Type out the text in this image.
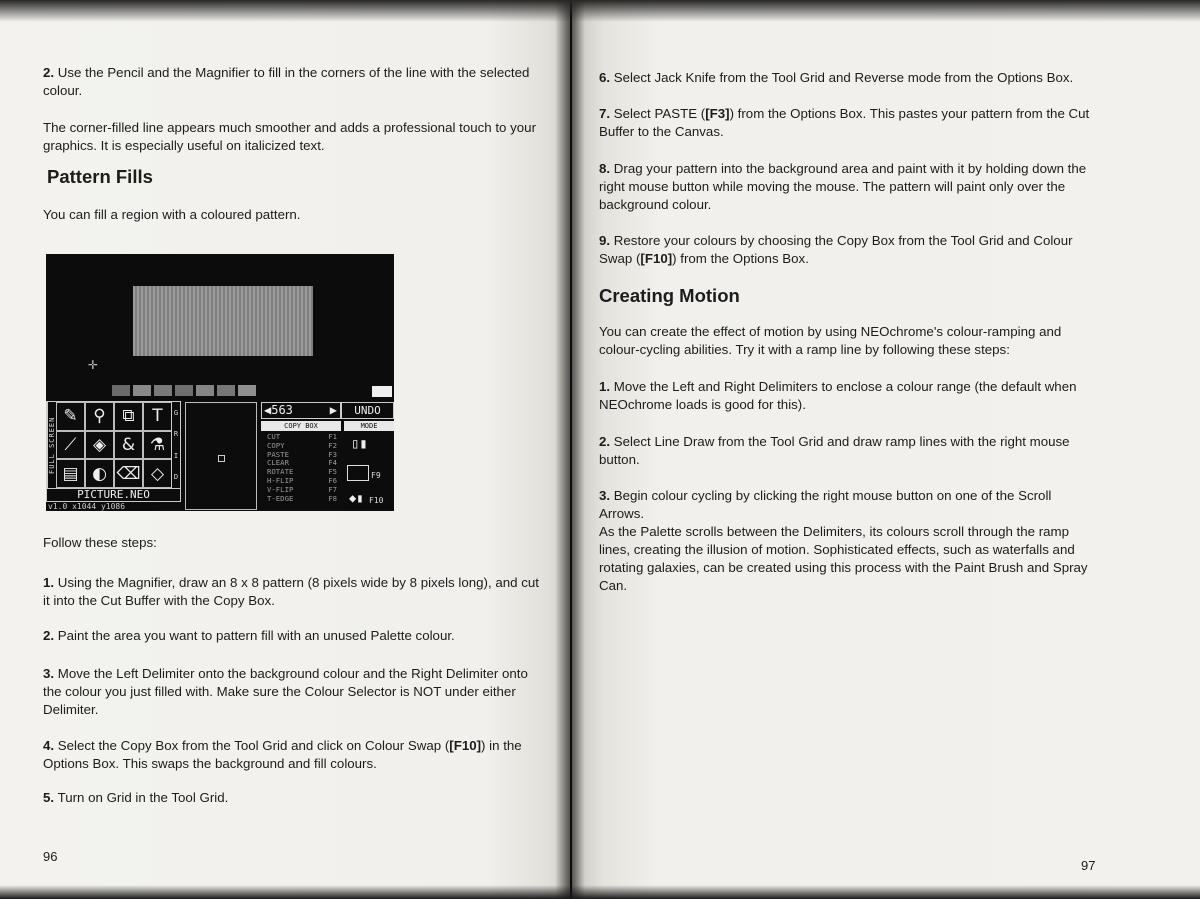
2. Use the Pencil and the Magnifier to fill in the corners of the line with the selected colour.

The corner-filled line appears much smoother and adds a professional touch to your graphics. It is especially useful on italicized text.

Pattern Fills

You can fill a region with a coloured pattern.

✛
FULL SCREEN ✎ ⚲ ⧉	T
⟋ ◈ & ⚗
▤ ◐ ⌫ ◇
G
R
I
D
PICTURE.NEO
v1.0 x1044 y1086
◀563	▶	UNDO
COPY BOX	MODE
CUT	F1
COPY	F2
PASTE	F3
CLEAR	F4
ROTATE	F5
H-FLIP	F6
V-FLIP	F7
T-EDGE	F8
▯▮
F9
◆▮ F10

Follow these steps:

1. Using the Magnifier, draw an 8 x 8 pattern (8 pixels wide by 8 pixels long), and cut it into the Cut Buffer with the Copy Box.

2. Paint the area you want to pattern fill with an unused Palette colour.

3. Move the Left Delimiter onto the background colour and the Right Delimiter onto the colour you just filled with. Make sure the Colour Selector is NOT under either Delimiter.

4. Select the Copy Box from the Tool Grid and click on Colour Swap ([F10]) in the Options Box. This swaps the background and fill colours.

5. Turn on Grid in the Tool Grid.

96

6. Select Jack Knife from the Tool Grid and Reverse mode from the Options Box.

7. Select PASTE ([F3]) from the Options Box. This pastes your pattern from the Cut Buffer to the Canvas.

8. Drag your pattern into the background area and paint with it by holding down the right mouse button while moving the mouse. The pattern will paint only over the background colour.

9. Restore your colours by choosing the Copy Box from the Tool Grid and Colour Swap ([F10]) from the Options Box.

Creating Motion

You can create the effect of motion by using NEOchrome's colour-ramping and colour-cycling abilities. Try it with a ramp line by following these steps:

1. Move the Left and Right Delimiters to enclose a colour range (the default when NEOchrome loads is good for this).

2. Select Line Draw from the Tool Grid and draw ramp lines with the right mouse button.

3. Begin colour cycling by clicking the right mouse button on one of the Scroll Arrows.

As the Palette scrolls between the Delimiters, its colours scroll through the ramp lines, creating the illusion of motion. Sophisticated effects, such as waterfalls and rotating galaxies, can be created using this process with the Paint Brush and Spray Can.

97
